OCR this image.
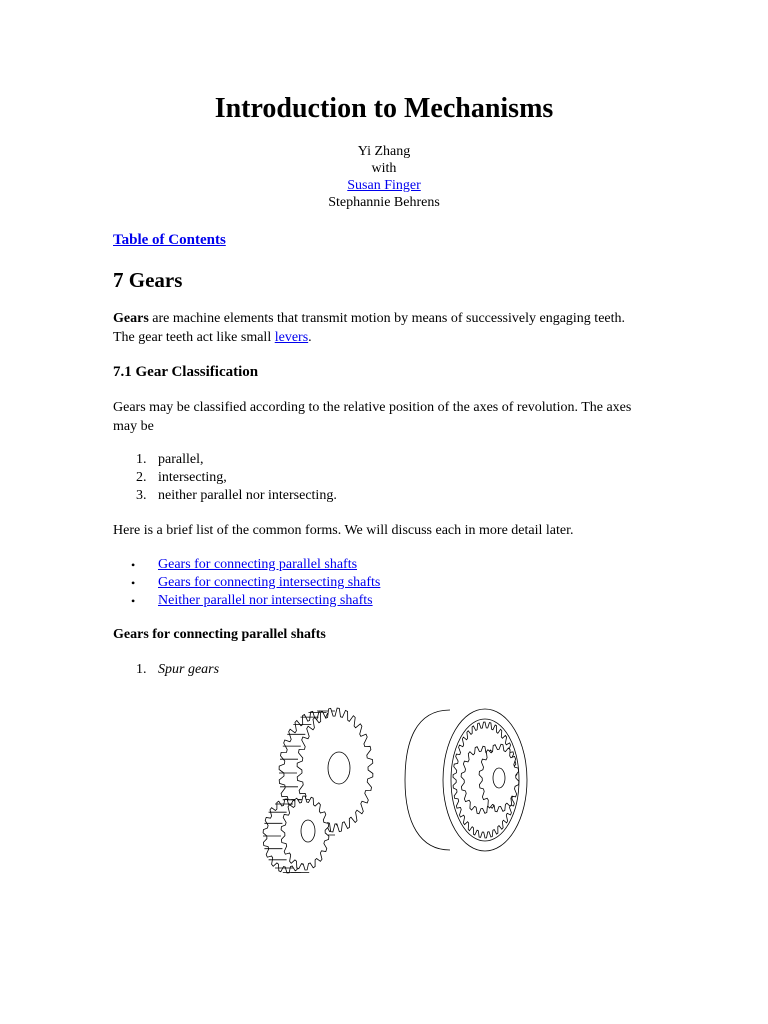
Introduction to Mechanisms
Yi Zhang
with
Susan Finger
Stephannie Behrens
Table of Contents
7 Gears

Gears are machine elements that transmit motion by means of successively engaging teeth. The gear teeth act like small levers.

7.1 Gear Classification

Gears may be classified according to the relative position of the axes of revolution. The axes may be

1. parallel,
2. intersecting,
3. neither parallel nor intersecting.

Here is a brief list of the common forms. We will discuss each in more detail later.

• Gears for connecting parallel shafts
• Gears for connecting intersecting shafts
• Neither parallel nor intersecting shafts
Gears for connecting parallel shafts
1. Spur gears
